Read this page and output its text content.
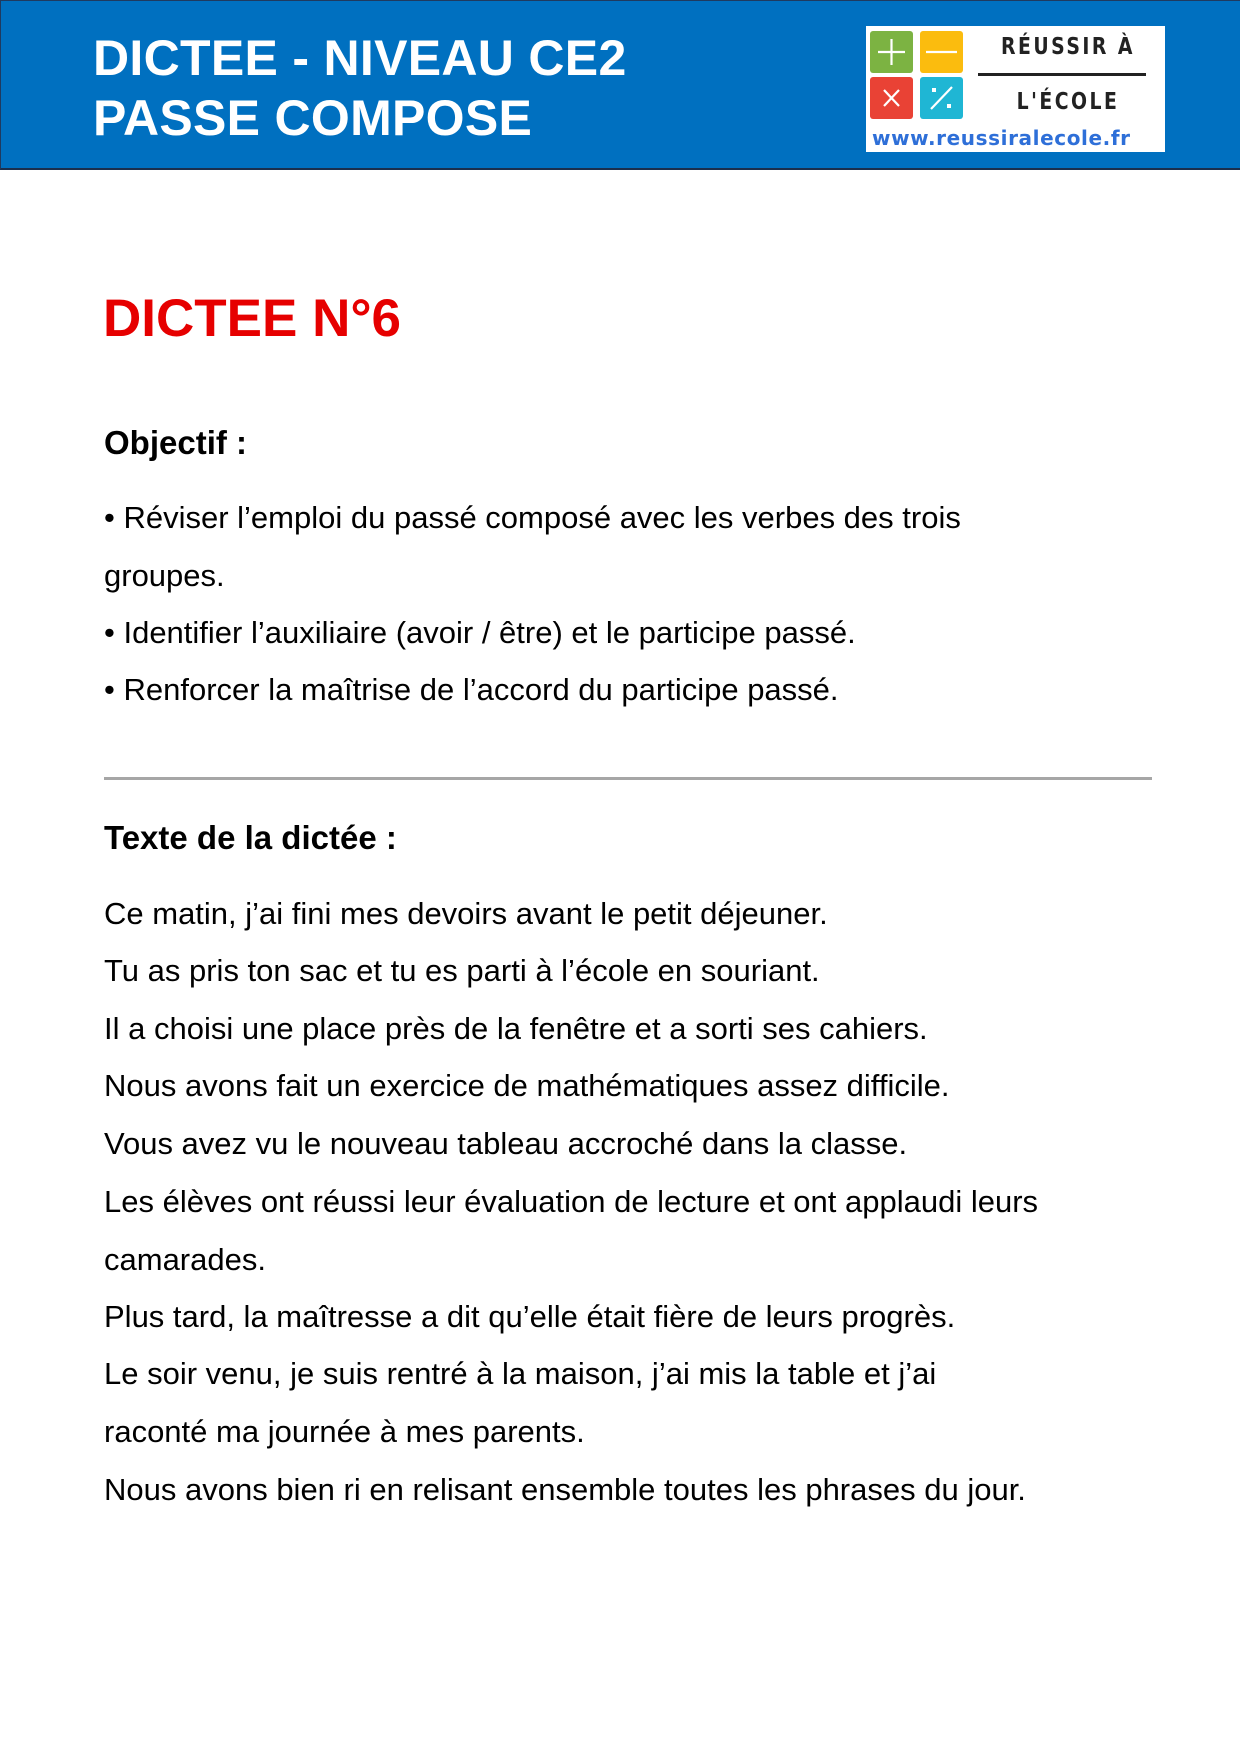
DICTEE - NIVEAU CE2
PASSE COMPOSE
RÉUSSIR À
L'ÉCOLE
www.reussiralecole.fr
DICTEE N°6
Objectif :
• Réviser l’emploi du passé composé avec les verbes des trois
groupes.
• Identifier l’auxiliaire (avoir / être) et le participe passé.
• Renforcer la maîtrise de l’accord du participe passé.
Texte de la dictée :
Ce matin, j’ai fini mes devoirs avant le petit déjeuner.
Tu as pris ton sac et tu es parti à l’école en souriant.
Il a choisi une place près de la fenêtre et a sorti ses cahiers.
Nous avons fait un exercice de mathématiques assez difficile.
Vous avez vu le nouveau tableau accroché dans la classe.
Les élèves ont réussi leur évaluation de lecture et ont applaudi leurs
camarades.
Plus tard, la maîtresse a dit qu’elle était fière de leurs progrès.
Le soir venu, je suis rentré à la maison, j’ai mis la table et j’ai
raconté ma journée à mes parents.
Nous avons bien ri en relisant ensemble toutes les phrases du jour.
